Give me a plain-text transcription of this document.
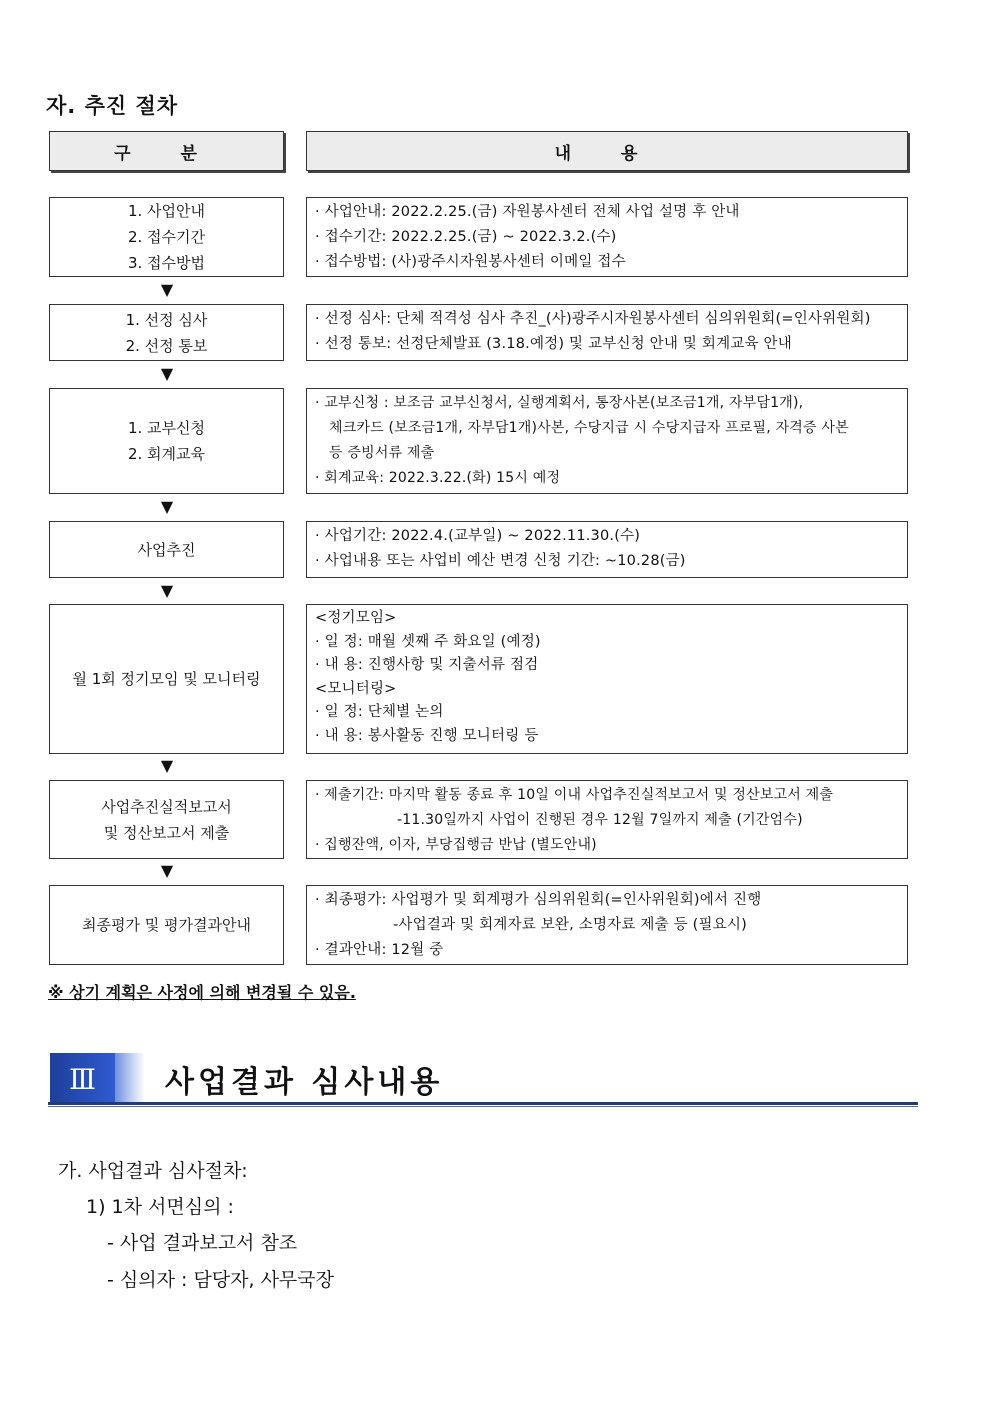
자. 추진 절차
구 분	내 용
1. 사업안내
2. 접수기간
3. 접수방법
· 사업안내: 2022.2.25.(금) 자원봉사센터 전체 사업 설명 후 안내
· 접수기간: 2022.2.25.(금) ~ 2022.3.2.(수)
· 접수방법: (사)광주시자원봉사센터 이메일 접수
▼
1. 선정 심사
2. 선정 통보
· 선정 심사: 단체 적격성 심사 추진_(사)광주시자원봉사센터 심의위원회(=인사위원회)
· 선정 통보: 선정단체발표 (3.18.예정) 및 교부신청 안내 및 회계교육 안내
▼
1. 교부신청
2. 회계교육
· 교부신청 : 보조금 교부신청서, 실행계획서, 통장사본(보조금1개, 자부담1개),
체크카드 (보조금1개, 자부담1개)사본, 수당지급 시 수당지급자 프로필, 자격증 사본
등 증빙서류 제출
· 회계교육: 2022.3.22.(화) 15시 예정
▼
사업추진
· 사업기간: 2022.4.(교부일) ~ 2022.11.30.(수)
· 사업내용 또는 사업비 예산 변경 신청 기간: ~10.28(금)
▼
월 1회 정기모임 및 모니터링
<정기모임>
· 일 정: 매월 셋째 주 화요일 (예정)
· 내 용: 진행사항 및 지출서류 점검
<모니터링>
· 일 정: 단체별 논의
· 내 용: 봉사활동 진행 모니터링 등
▼
사업추진실적보고서
및 정산보고서 제출
· 제출기간: 마지막 활동 종료 후 10일 이내 사업추진실적보고서 및 정산보고서 제출
-11.30일까지 사업이 진행된 경우 12월 7일까지 제출 (기간엄수)
· 집행잔액, 이자, 부당집행금 반납 (별도안내)
▼
최종평가 및 평가결과안내
· 최종평가: 사업평가 및 회계평가 심의위원회(=인사위원회)에서 진행
-사업결과 및 회계자료 보완, 소명자료 제출 등 (필요시)
· 결과안내: 12월 중
※ 상기 계획은 사정에 의해 변경될 수 있음.
Ⅲ 사업결과 심사내용
가. 사업결과 심사절차:
1) 1차 서면심의 :
- 사업 결과보고서 참조
- 심의자 : 담당자, 사무국장
